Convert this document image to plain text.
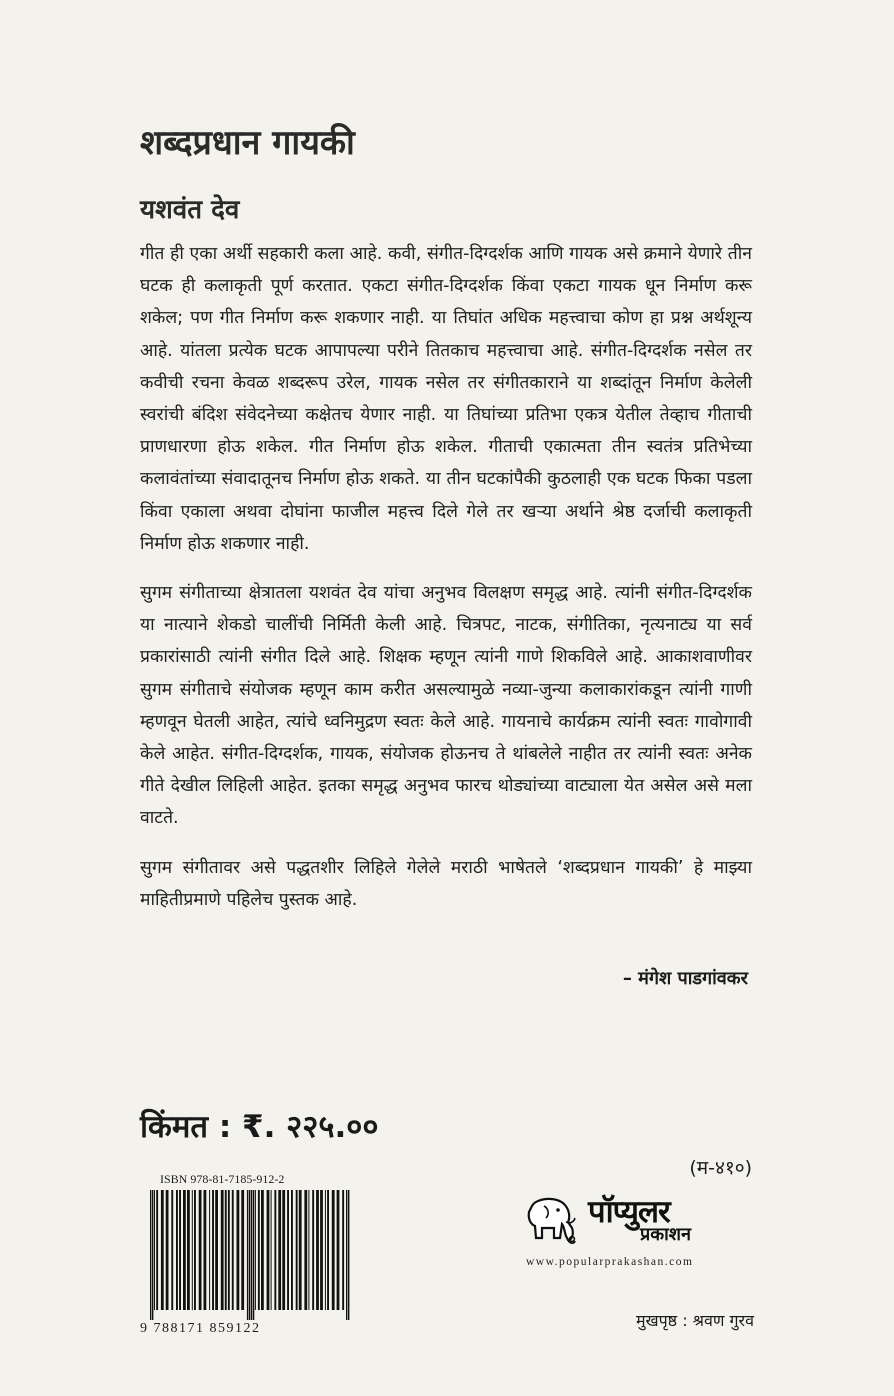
शब्दप्रधान गायकी
यशवंत देव

गीत ही एका अर्थी सहकारी कला आहे. कवी, संगीत-दिग्दर्शक आणि गायक असे क्रमाने येणारे तीन घटक ही कलाकृती पूर्ण करतात. एकटा संगीत-दिग्दर्शक किंवा एकटा गायक धून निर्माण करू शकेल; पण गीत निर्माण करू शकणार नाही. या तिघांत अधिक महत्त्वाचा कोण हा प्रश्न अर्थशून्य आहे. यांतला प्रत्येक घटक आपापल्या परीने तितकाच महत्त्वाचा आहे. संगीत-दिग्दर्शक नसेल तर कवीची रचना केवळ शब्दरूप उरेल, गायक नसेल तर संगीतकाराने या शब्दांतून निर्माण केलेली स्वरांची बंदिश संवेदनेच्या कक्षेतच येणार नाही. या तिघांच्या प्रतिभा एकत्र येतील तेव्हाच गीताची प्राणधारणा होऊ शकेल. गीत निर्माण होऊ शकेल. गीताची एकात्मता तीन स्वतंत्र प्रतिभेच्या कलावंतांच्या संवादातूनच निर्माण होऊ शकते. या तीन घटकांपैकी कुठलाही एक घटक फिका पडला किंवा एकाला अथवा दोघांना फाजील महत्त्व दिले गेले तर खऱ्या अर्थाने श्रेष्ठ दर्जाची कलाकृती निर्माण होऊ शकणार नाही.

सुगम संगीताच्या क्षेत्रातला यशवंत देव यांचा अनुभव विलक्षण समृद्ध आहे. त्यांनी संगीत-दिग्दर्शक या नात्याने शेकडो चालींची निर्मिती केली आहे. चित्रपट, नाटक, संगीतिका, नृत्यनाट्य या सर्व प्रकारांसाठी त्यांनी संगीत दिले आहे. शिक्षक म्हणून त्यांनी गाणे शिकविले आहे. आकाशवाणीवर सुगम संगीताचे संयोजक म्हणून काम करीत असल्यामुळे नव्या-जुन्या कलाकारांकडून त्यांनी गाणी म्हणवून घेतली आहेत, त्यांचे ध्वनिमुद्रण स्वतः केले आहे. गायनाचे कार्यक्रम त्यांनी स्वतः गावोगावी केले आहेत. संगीत-दिग्दर्शक, गायक, संयोजक होऊनच ते थांबलेले नाहीत तर त्यांनी स्वतः अनेक गीते देखील लिहिली आहेत. इतका समृद्ध अनुभव फारच थोड्यांच्या वाट्याला येत असेल असे मला वाटते.

सुगम संगीतावर असे पद्धतशीर लिहिले गेलेले मराठी भाषेतले ‘शब्दप्रधान गायकी’ हे माझ्या माहितीप्रमाणे पहिलेच पुस्तक आहे.

– मंगेश पाडगांवकर
किंमत : ₹. २२५.००
ISBN 978-81-7185-912-2
9 788171 859122
(म-४१०)
पॉप्युलर
प्रकाशन
www.popularprakashan.com
मुखपृष्ठ : श्रवण गुरव
